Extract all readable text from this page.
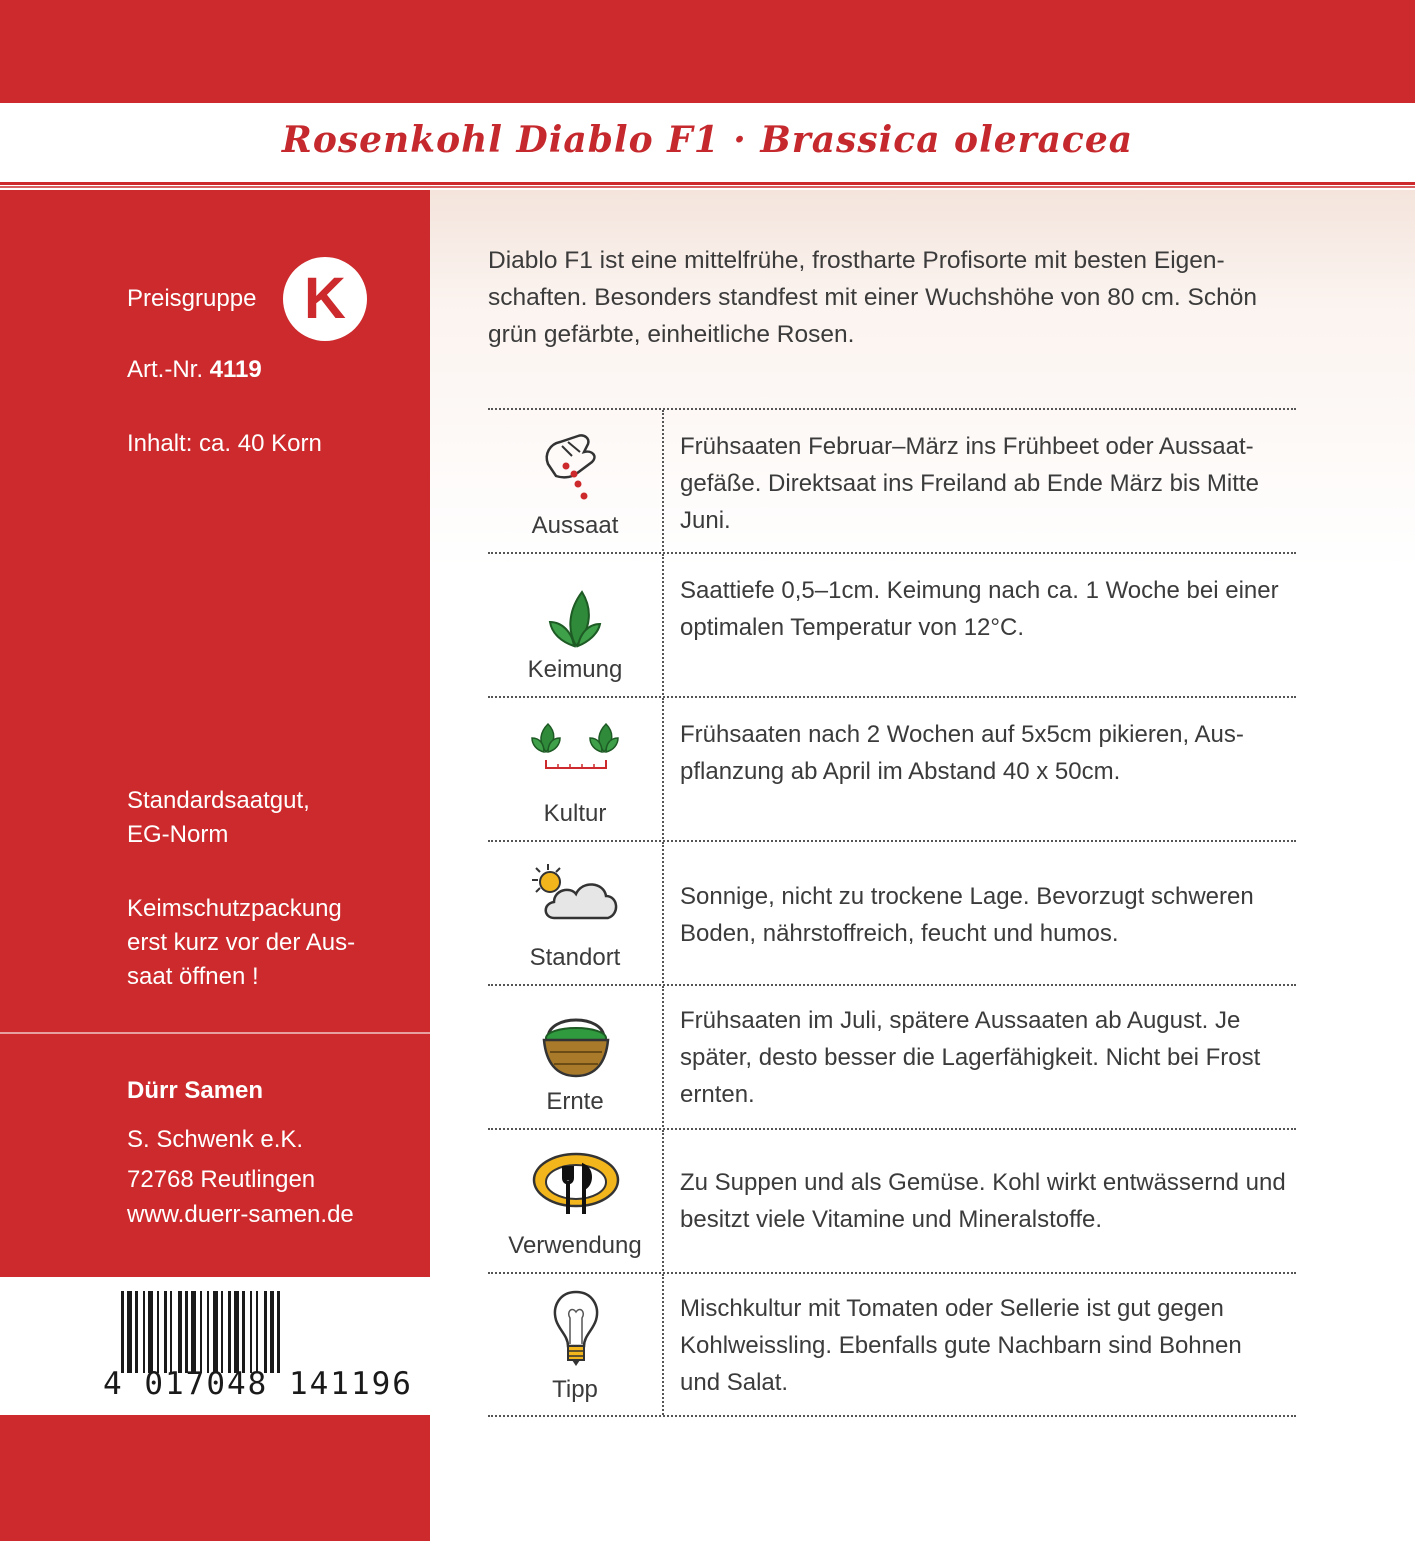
Rosenkohl Diablo F1 · Brassica oleracea
Preisgruppe
Art.-Nr. 4119
Inhalt: ca. 40 Korn
Standardsaatgut,
EG-Norm
Keimschutzpackung
erst kurz vor der Aus-
saat öffnen !
Dürr Samen
S. Schwenk e.K.
72768 Reutlingen
www.duerr-samen.de
K
4 017048 141196
Diablo F1 ist eine mittelfrühe, frostharte Profisorte mit besten Eigen-
schaften. Besonders standfest mit einer Wuchshöhe von 80 cm. Schön
grün gefärbte, einheitliche Rosen.
Aussaat
Frühsaaten Februar–März ins Frühbeet oder Aussaat-
gefäße. Direktsaat ins Freiland ab Ende März bis Mitte
Juni.
Keimung
Saattiefe 0,5–1cm. Keimung nach ca. 1 Woche bei einer
optimalen Temperatur von 12°C.
Kultur
Frühsaaten nach 2 Wochen auf 5x5cm pikieren, Aus-
pflanzung ab April im Abstand 40 x 50cm.
Standort
Sonnige, nicht zu trockene Lage. Bevorzugt schweren
Boden, nährstoffreich, feucht und humos.
Ernte
Frühsaaten im Juli, spätere Aussaaten ab August. Je
später, desto besser die Lagerfähigkeit. Nicht bei Frost
ernten.
Verwendung
Zu Suppen und als Gemüse. Kohl wirkt entwässernd und
besitzt viele Vitamine und Mineralstoffe.
Tipp
Mischkultur mit Tomaten oder Sellerie ist gut gegen
Kohlweissling. Ebenfalls gute Nachbarn sind Bohnen
und Salat.
